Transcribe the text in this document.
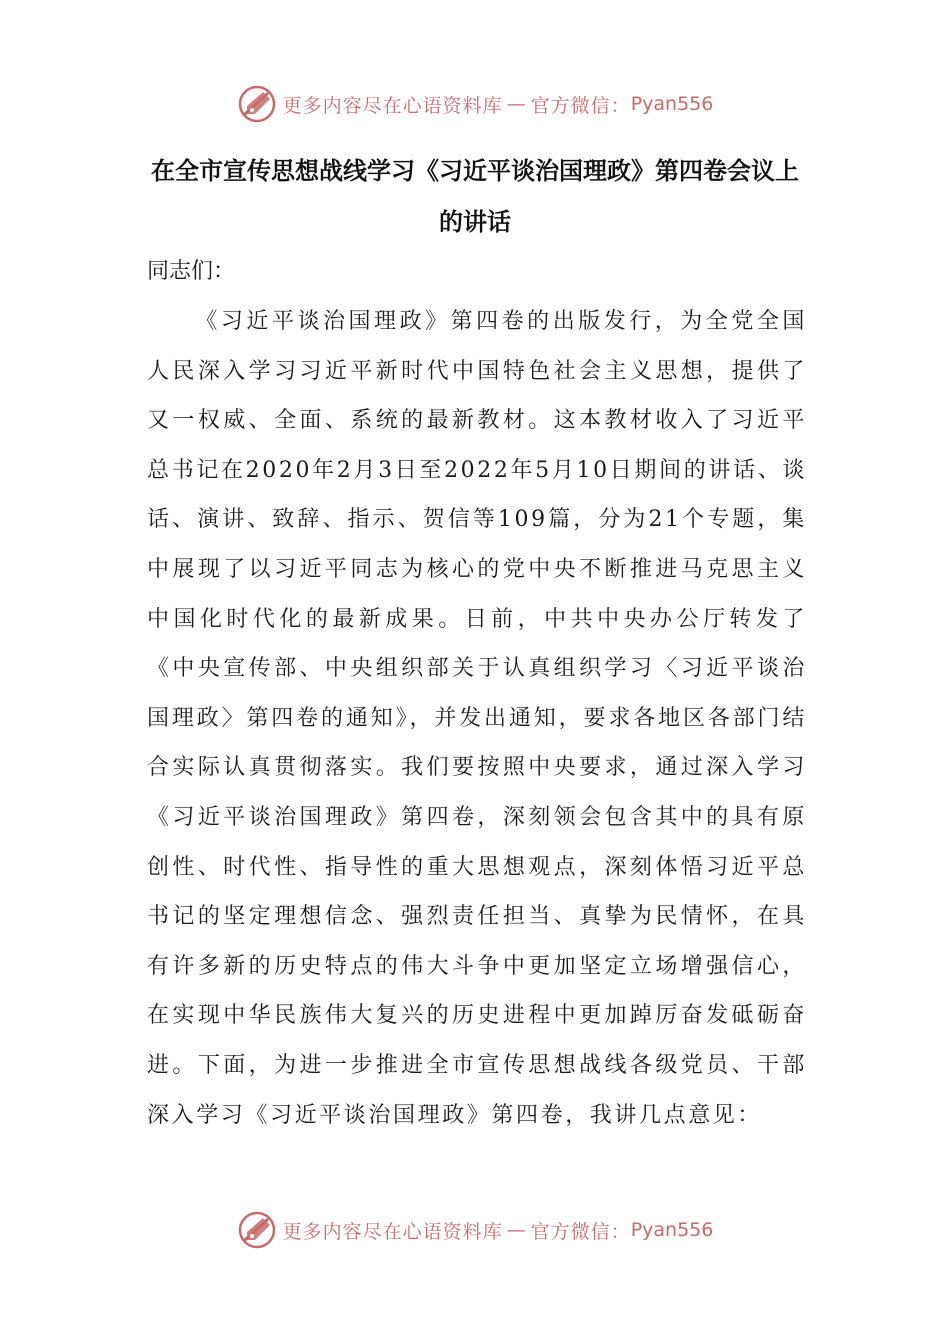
更多内容尽在心语资料库 — 官方微信： Pyan556
在全市宣传思想战线学习《习近平谈治国理政》第四卷会议上的讲话
同志们：

《习近平谈治国理政》第四卷的出版发行，为全党全国人民深入学习习近平新时代中国特色社会主义思想，提供了又一权威、全面、系统的最新教材。这本教材收入了习近平总书记在2020年2月3日至2022年5月10日期间的讲话、谈话、演讲、致辞、指示、贺信等109篇，分为21个专题，集中展现了以习近平同志为核心的党中央不断推进马克思主义中国化时代化的最新成果。日前，中共中央办公厅转发了《中央宣传部、中央组织部关于认真组织学习〈习近平谈治国理政〉第四卷的通知》，并发出通知，要求各地区各部门结合实际认真贯彻落实。我们要按照中央要求，通过深入学习《习近平谈治国理政》第四卷，深刻领会包含其中的具有原创性、时代性、指导性的重大思想观点，深刻体悟习近平总书记的坚定理想信念、强烈责任担当、真挚为民情怀，在具有许多新的历史特点的伟大斗争中更加坚定立场增强信心，在实现中华民族伟大复兴的历史进程中更加踔厉奋发砥砺奋进。下面，为进一步推进全市宣传思想战线各级党员、干部深入学习《习近平谈治国理政》第四卷，我讲几点意见：

更多内容尽在心语资料库 — 官方微信： Pyan556
